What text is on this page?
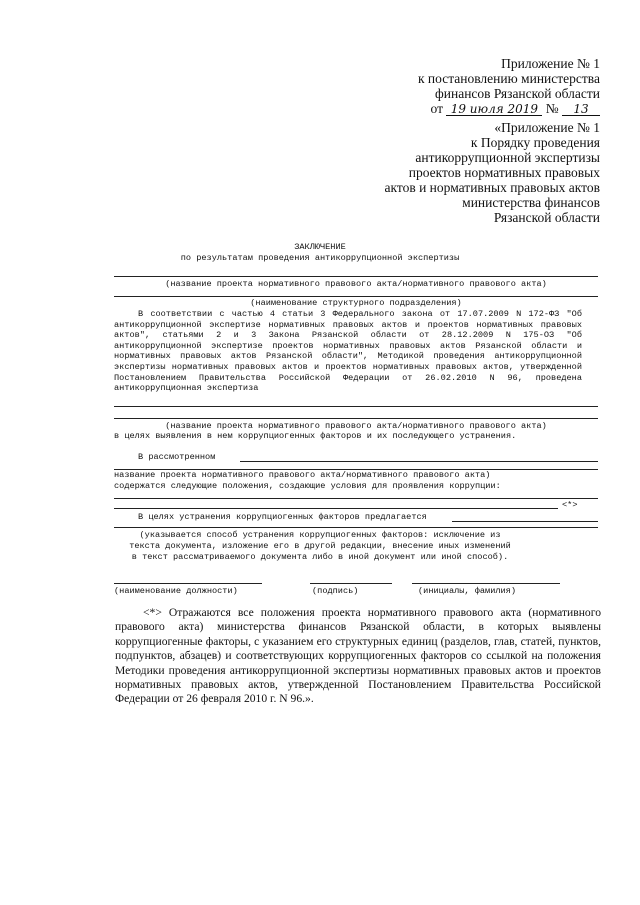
Приложение № 1
к постановлению министерства
финансов Рязанской области
от 19 июля 2019 № 13
«Приложение № 1
к Порядку проведения
антикоррупционной экспертизы
проектов нормативных правовых
актов и нормативных правовых актов
министерства финансов
Рязанской области
ЗАКЛЮЧЕНИЕ
по результатам проведения антикоррупционной экспертизы
(название проекта нормативного правового акта/нормативного правового акта)
(наименование структурного подразделения)
В соответствии с частью 4 статьи 3 Федерального закона от 17.07.2009 N 172-ФЗ "Об антикоррупционной экспертизе нормативных правовых актов и проектов нормативных правовых актов", статьями 2 и 3 Закона Рязанской области от 28.12.2009 N 175-ОЗ "Об антикоррупционной экспертизе проектов нормативных правовых актов Рязанской области и нормативных правовых актов Рязанской области", Методикой проведения антикоррупционной экспертизы нормативных правовых актов и проектов нормативных правовых актов, утвержденной Постановлением Правительства Российской Федерации от 26.02.2010 N 96, проведена антикоррупционная экспертиза
(название проекта нормативного правового акта/нормативного правового акта)
в целях выявления в нем коррупциогенных факторов и их последующего устранения.
В рассмотренном
название проекта нормативного правового акта/нормативного правового акта)
содержатся следующие положения, создающие условия для проявления коррупции:
<*>
В целях устранения коррупциогенных факторов предлагается
(указывается способ устранения коррупциогенных факторов: исключение из
текста документа, изложение его в другой редакции, внесение иных изменений
в текст рассматриваемого документа либо в иной документ или иной способ).
(наименование должности)	(подпись)	(инициалы, фамилия)
<*> Отражаются все положения проекта нормативного правового акта (нормативного правового акта) министерства финансов Рязанской области, в которых выявлены коррупциогенные факторы, с указанием его структурных единиц (разделов, глав, статей, пунктов, подпунктов, абзацев) и соответствующих коррупциогенных факторов со ссылкой на положения Методики проведения антикоррупционной экспертизы нормативных правовых актов и проектов нормативных правовых актов, утвержденной Постановлением Правительства Российской Федерации от 26 февраля 2010 г. N 96.».
